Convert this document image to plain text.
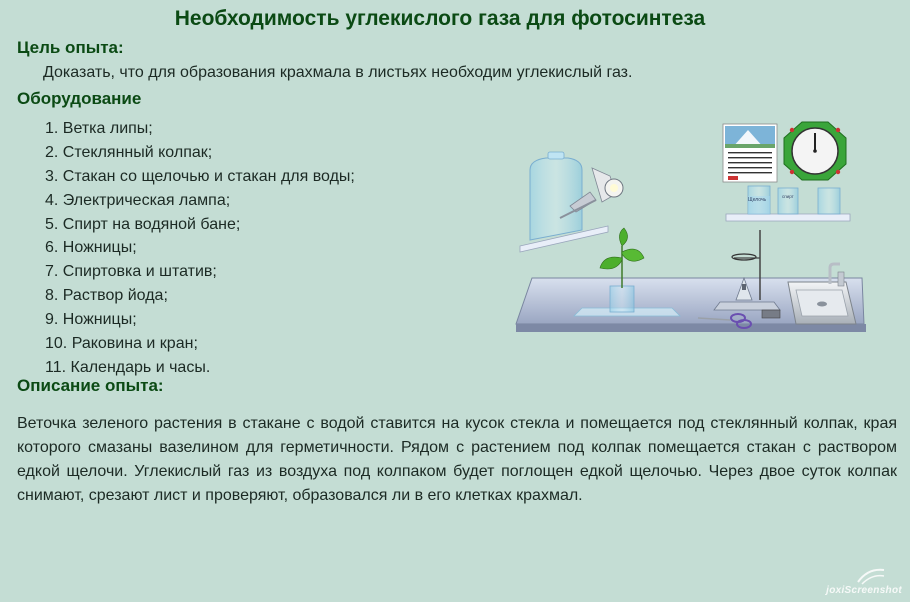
Необходимость углекислого газа для фотосинтеза
Цель опыта:
Доказать, что для образования крахмала в листьях необходим углекислый газ.
Оборудование
1. Ветка липы;
2. Стеклянный колпак;
3. Стакан со щелочью и стакан для воды;
4. Электрическая лампа;
5. Спирт на водяной бане;
6. Ножницы;
7. Спиртовка и штатив;
8. Раствор йода;
9. Ножницы;
10. Раковина и кран;
11. Календарь и часы.
Описание опыта:
Веточка зеленого растения в стакане с водой ставится на кусок стекла и помещается под стеклянный колпак, края которого смазаны вазелином для герметичности. Рядом с растением под колпак помещается стакан с раствором едкой щелочи. Углекислый газ из воздуха под колпаком будет поглощен едкой щелочью. Через двое суток колпак снимают, срезают лист и проверяют, образовался ли в его клетках крахмал.
Щелочь
спирт
joxiScreenshot
